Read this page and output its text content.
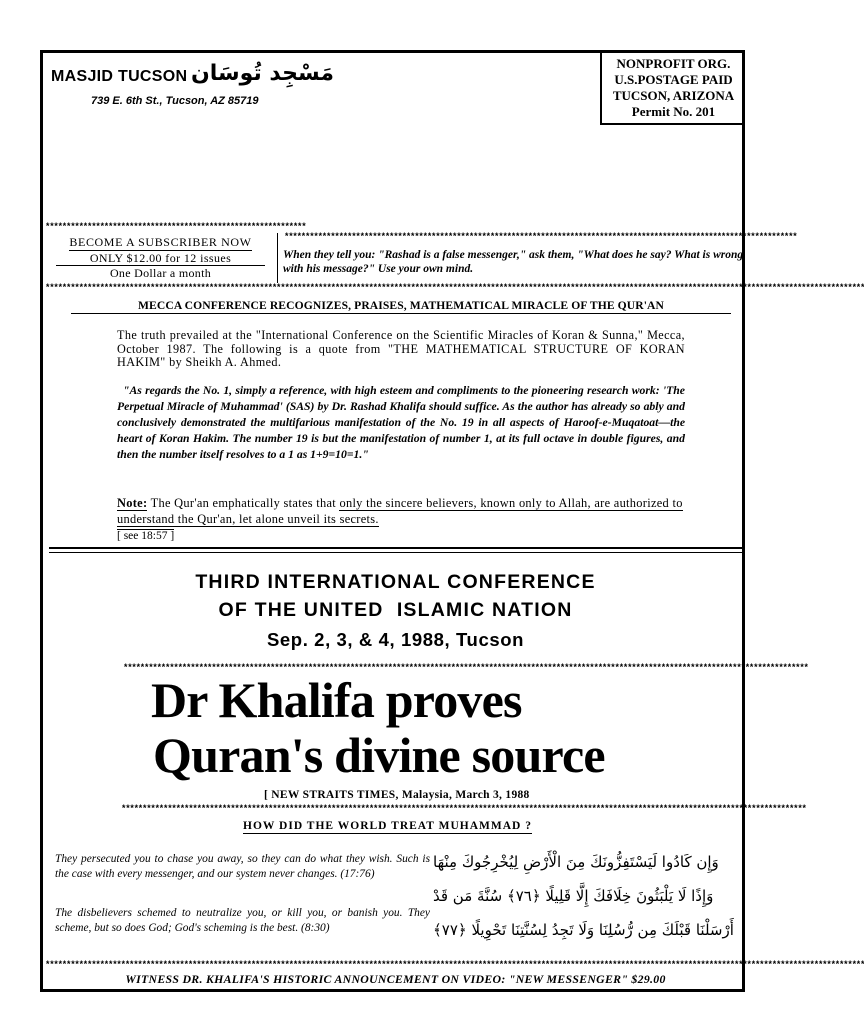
MASJID TUCSON مَسْجِد تُوسَان
739 E. 6th St., Tucson, AZ 85719
NONPROFIT ORG.
U.S.POSTAGE PAID
TUCSON, ARIZONA
Permit No. 201
**************************************************************
BECOME A SUBSCRIBER NOW
ONLY $12.00 for 12 issues
One Dollar a month
**************************************************************************************************************************
When they tell you: "Rashad is a false messenger," ask them, "What does he say? What is wrong with his message?" Use your own mind.
***************************************************************************************************************************************************************************************************
MECCA CONFERENCE RECOGNIZES, PRAISES, MATHEMATICAL MIRACLE OF THE QUR'AN
The truth prevailed at the "International Conference on the Scientific Miracles of Koran & Sunna," Mecca, October 1987. The following is a quote from "THE MATHEMATICAL STRUCTURE OF KORAN HAKIM" by Sheikh A. Ahmed.
"As regards the No. 1, simply a reference, with high esteem and compliments to the pioneering research work: 'The Perpetual Miracle of Muhammad' (SAS) by Dr. Rashad Khalifa should suffice. As the author has already so ably and conclusively demonstrated the multifarious manifestation of the No. 19 in all aspects of Haroof-e-Muqatoat—the heart of Koran Hakim. The number 19 is but the manifestation of number 1, at its full octave in double figures, and then the number itself resolves to a 1 as 1+9=10=1."
Note: The Qur'an emphatically states that only the sincere believers, known only to Allah, are authorized to understand the Qur'an, let alone unveil its secrets.
[ see 18:57 ]
THIRD INTERNATIONAL CONFERENCE
OF THE UNITED  ISLAMIC NATION
Sep. 2, 3, & 4, 1988, Tucson
*******************************************************************************************************************************************************************
Dr Khalifa proves
Quran's divine source
[ NEW STRAITS TIMES, Malaysia, March 3, 1988
*******************************************************************************************************************************************************************
HOW DID THE WORLD TREAT MUHAMMAD ?
They persecuted you to chase you away, so they can do what they wish. Such is the case with every messenger, and our system never changes. (17:76)
The disbelievers schemed to neutralize you, or kill you, or banish you. They scheme, but so does God; God's scheming is the best. (8:30)
وَإِن كَادُوا لَيَسْتَفِزُّونَكَ مِنَ الْأَرْضِ لِيُخْرِجُوكَ مِنْهَا
وَإِذًا لَا يَلْبَثُونَ خِلَافَكَ إِلَّا قَلِيلًا ﴿٧٦﴾ سُنَّةَ مَن قَدْ
أَرْسَلْنَا قَبْلَكَ مِن رُّسُلِنَا وَلَا تَجِدُ لِسُنَّتِنَا تَحْوِيلًا ﴿٧٧﴾
***************************************************************************************************************************************************************************************************
WITNESS DR. KHALIFA'S HISTORIC ANNOUNCEMENT ON VIDEO: "NEW MESSENGER" $29.00
